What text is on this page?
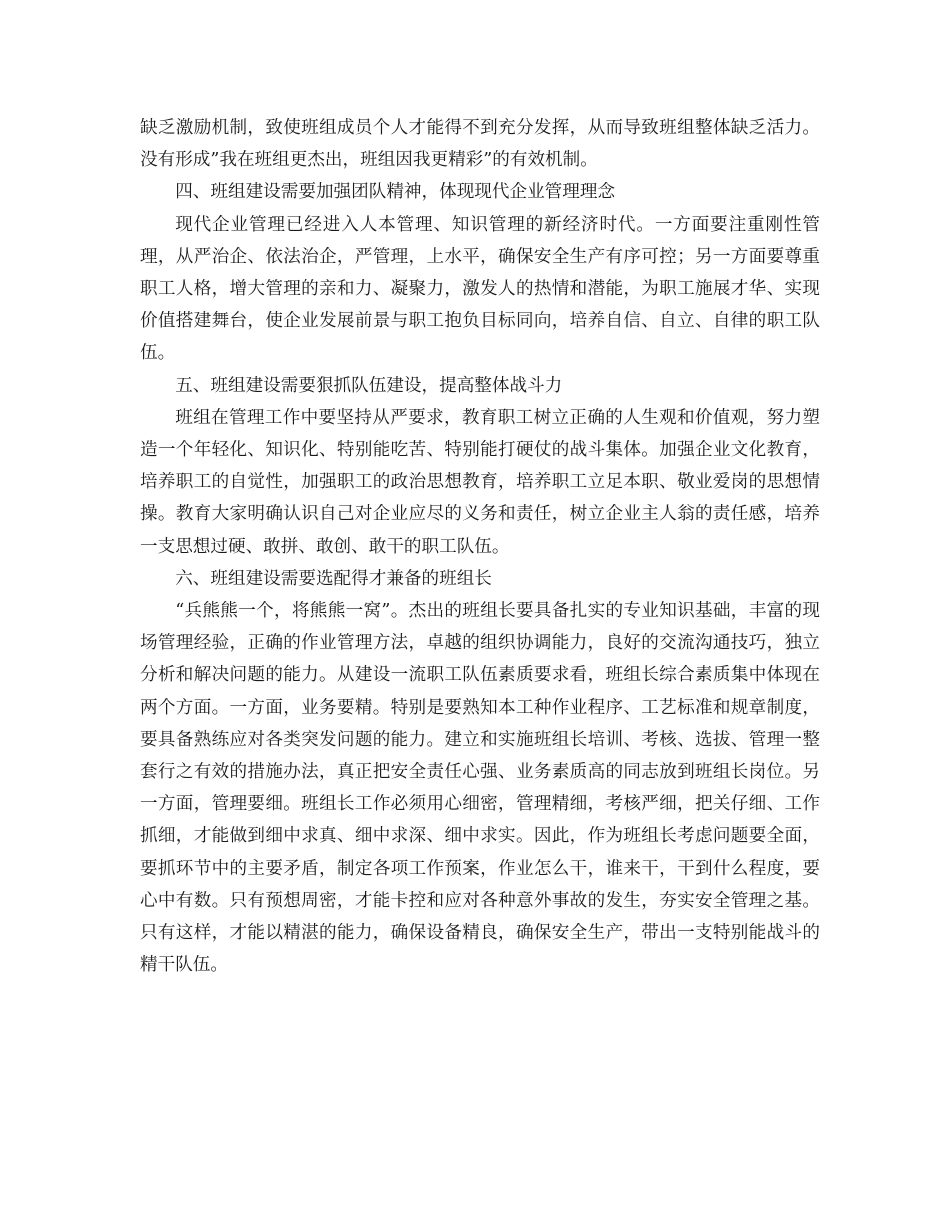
缺乏激励机制，致使班组成员个人才能得不到充分发挥，从而导致班组整体缺乏活力。没有形成”我在班组更杰出，班组因我更精彩”的有效机制。

四、班组建设需要加强团队精神，体现现代企业管理理念

现代企业管理已经进入人本管理、知识管理的新经济时代。一方面要注重刚性管理，从严治企、依法治企，严管理，上水平，确保安全生产有序可控；另一方面要尊重职工人格，增大管理的亲和力、凝聚力，激发人的热情和潜能，为职工施展才华、实现价值搭建舞台，使企业发展前景与职工抱负目标同向，培养自信、自立、自律的职工队伍。

五、班组建设需要狠抓队伍建设，提高整体战斗力

班组在管理工作中要坚持从严要求，教育职工树立正确的人生观和价值观，努力塑造一个年轻化、知识化、特别能吃苦、特别能打硬仗的战斗集体。加强企业文化教育，培养职工的自觉性，加强职工的政治思想教育，培养职工立足本职、敬业爱岗的思想情操。教育大家明确认识自己对企业应尽的义务和责任，树立企业主人翁的责任感，培养一支思想过硬、敢拼、敢创、敢干的职工队伍。

六、班组建设需要选配得才兼备的班组长

“兵熊熊一个，将熊熊一窝”。杰出的班组长要具备扎实的专业知识基础，丰富的现场管理经验，正确的作业管理方法，卓越的组织协调能力，良好的交流沟通技巧，独立分析和解决问题的能力。从建设一流职工队伍素质要求看，班组长综合素质集中体现在两个方面。一方面，业务要精。特别是要熟知本工种作业程序、工艺标准和规章制度，要具备熟练应对各类突发问题的能力。建立和实施班组长培训、考核、选拔、管理一整套行之有效的措施办法，真正把安全责任心强、业务素质高的同志放到班组长岗位。另一方面，管理要细。班组长工作必须用心细密，管理精细，考核严细，把关仔细、工作抓细，才能做到细中求真、细中求深、细中求实。因此，作为班组长考虑问题要全面，要抓环节中的主要矛盾，制定各项工作预案，作业怎么干，谁来干，干到什么程度，要心中有数。只有预想周密，才能卡控和应对各种意外事故的发生，夯实安全管理之基。只有这样，才能以精湛的能力，确保设备精良，确保安全生产，带出一支特别能战斗的精干队伍。
